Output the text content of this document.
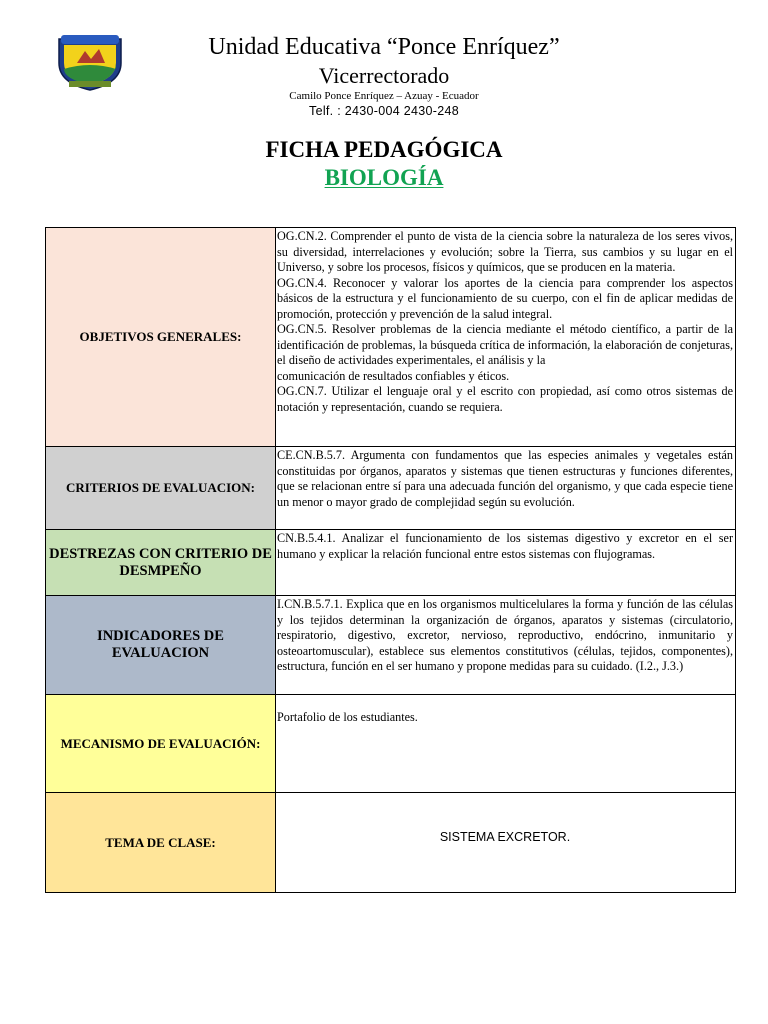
Unidad Educativa “Ponce Enríquez”
Vicerrectorado
Camilo Ponce Enríquez – Azuay - Ecuador
Telf. : 2430-004 2430-248
FICHA PEDAGÓGICA
BIOLOGÍA
OBJETIVOS GENERALES:	OG.CN.2. Comprender el punto de vista de la ciencia sobre la naturaleza de los seres vivos, su diversidad, interrelaciones y evolución; sobre la Tierra, sus cambios y su lugar en el Universo, y sobre los procesos, físicos y químicos, que se producen en la materia.

OG.CN.4. Reconocer y valorar los aportes de la ciencia para comprender los aspectos básicos de la estructura y el funcionamiento de su cuerpo, con el fin de aplicar medidas de promoción, protección y prevención de la salud integral.

OG.CN.5. Resolver problemas de la ciencia mediante el método científico, a partir de la identificación de problemas, la búsqueda crítica de información, la elaboración de conjeturas, el diseño de actividades experimentales, el análisis y la

comunicación de resultados confiables y éticos.

OG.CN.7. Utilizar el lenguaje oral y el escrito con propiedad, así como otros sistemas de notación y representación, cuando se requiera.

CRITERIOS DE EVALUACION:	CE.CN.B.5.7. Argumenta con fundamentos que las especies animales y vegetales están constituidas por órganos, aparatos y sistemas que tienen estructuras y funciones diferentes, que se relacionan entre sí para una adecuada función del organismo, y que cada especie tiene un menor o mayor grado de complejidad según su evolución.
DESTREZAS CON CRITERIO DE DESMPEÑO	CN.B.5.4.1. Analizar el funcionamiento de los sistemas digestivo y excretor en el ser humano y explicar la relación funcional entre estos sistemas con flujogramas.
INDICADORES DE EVALUACION	I.CN.B.5.7.1. Explica que en los organismos multicelulares la forma y función de las células y los tejidos determinan la organización de órganos, aparatos y sistemas (circulatorio, respiratorio, digestivo, excretor, nervioso, reproductivo, endócrino, inmunitario y osteoartomuscular), establece sus elementos constitutivos (células, tejidos, componentes), estructura, función en el ser humano y propone medidas para su cuidado. (I.2., J.3.)
MECANISMO DE EVALUACIÓN:	Portafolio de los estudiantes.
TEMA DE CLASE:	SISTEMA EXCRETOR.
